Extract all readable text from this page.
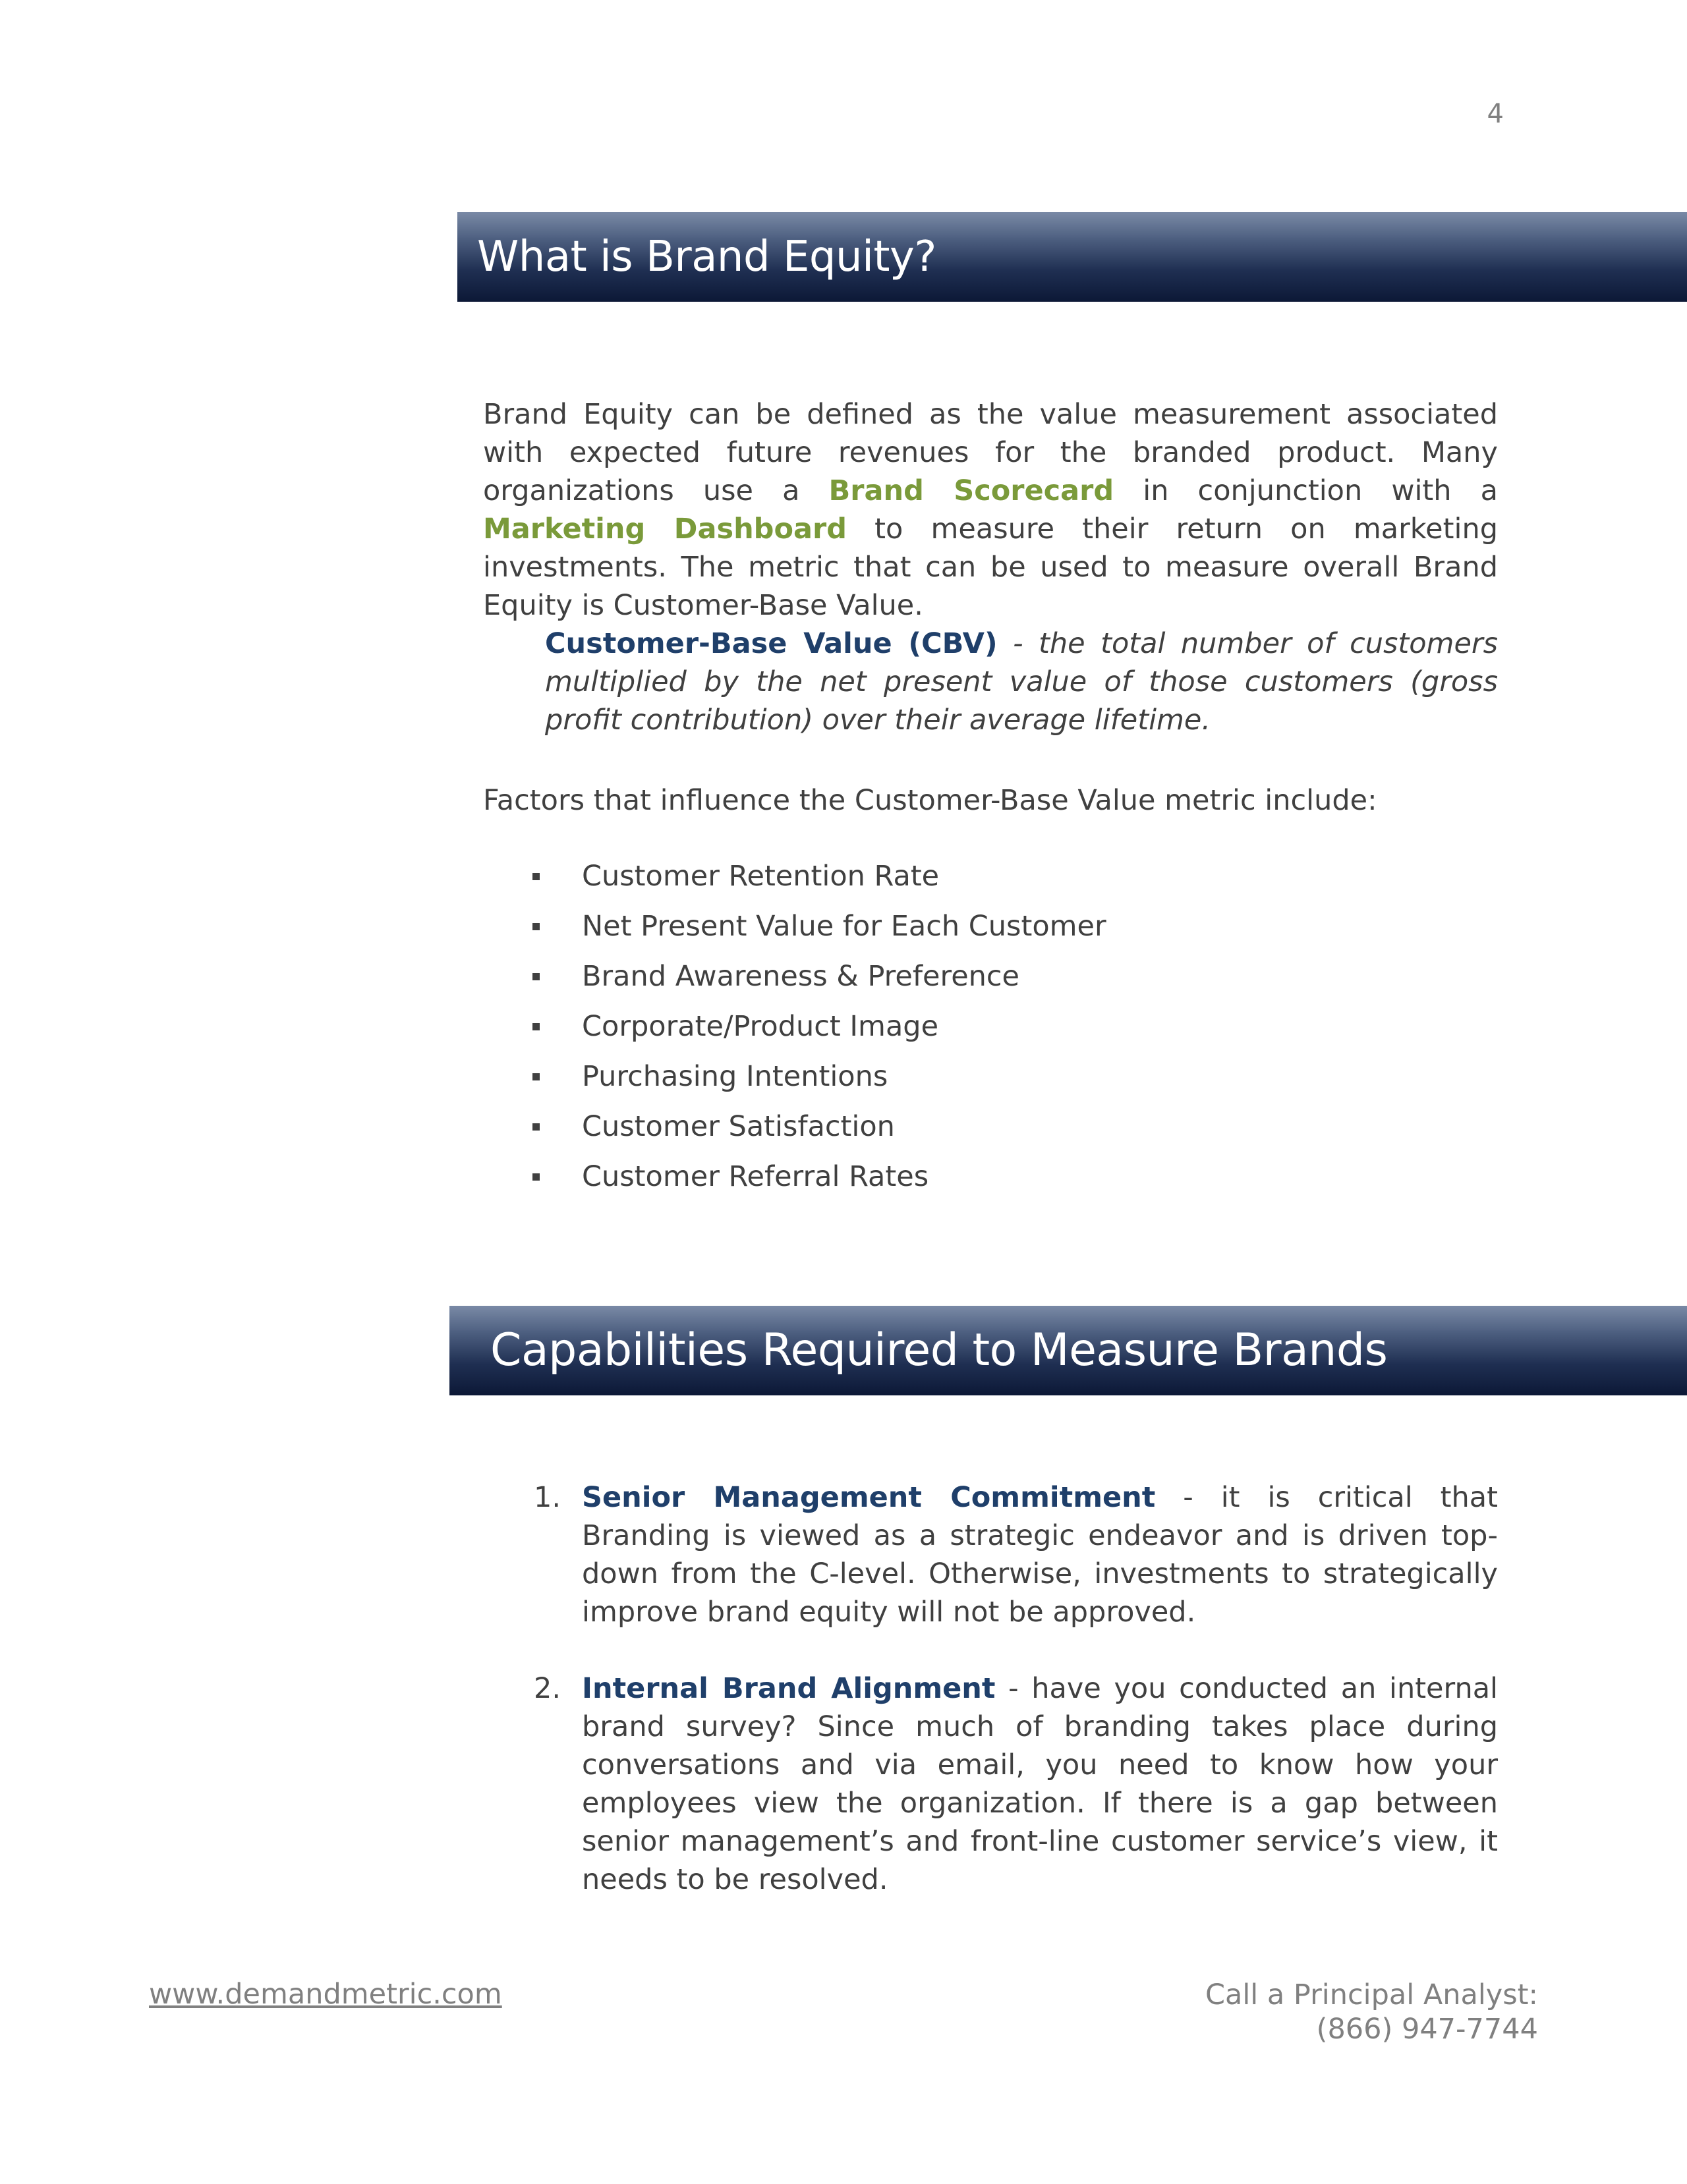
4
What is Brand Equity?
Brand Equity can be defined as the value measurement associated with expected future revenues for the branded product. Many organizations use a Brand Scorecard in conjunction with a Marketing Dashboard to measure their return on marketing investments. The metric that can be used to measure overall Brand Equity is Customer-Base Value.
Customer-Base Value (CBV) - the total number of customers multiplied by the net present value of those customers (gross profit contribution) over their average lifetime.
Factors that influence the Customer-Base Value metric include:
Customer Retention Rate
Net Present Value for Each Customer
Brand Awareness & Preference
Corporate/Product Image
Purchasing Intentions
Customer Satisfaction
Customer Referral Rates
Capabilities Required to Measure Brands
1. Senior Management Commitment - it is critical that Branding is viewed as a strategic endeavor and is driven top-down from the C-level. Otherwise, investments to strategically improve brand equity will not be approved.
2. Internal Brand Alignment - have you conducted an internal brand survey? Since much of branding takes place during conversations and via email, you need to know how your employees view the organization. If there is a gap between senior management’s and front-line customer service’s view, it needs to be resolved.
www.demandmetric.com	Call a Principal Analyst:
(866) 947-7744
